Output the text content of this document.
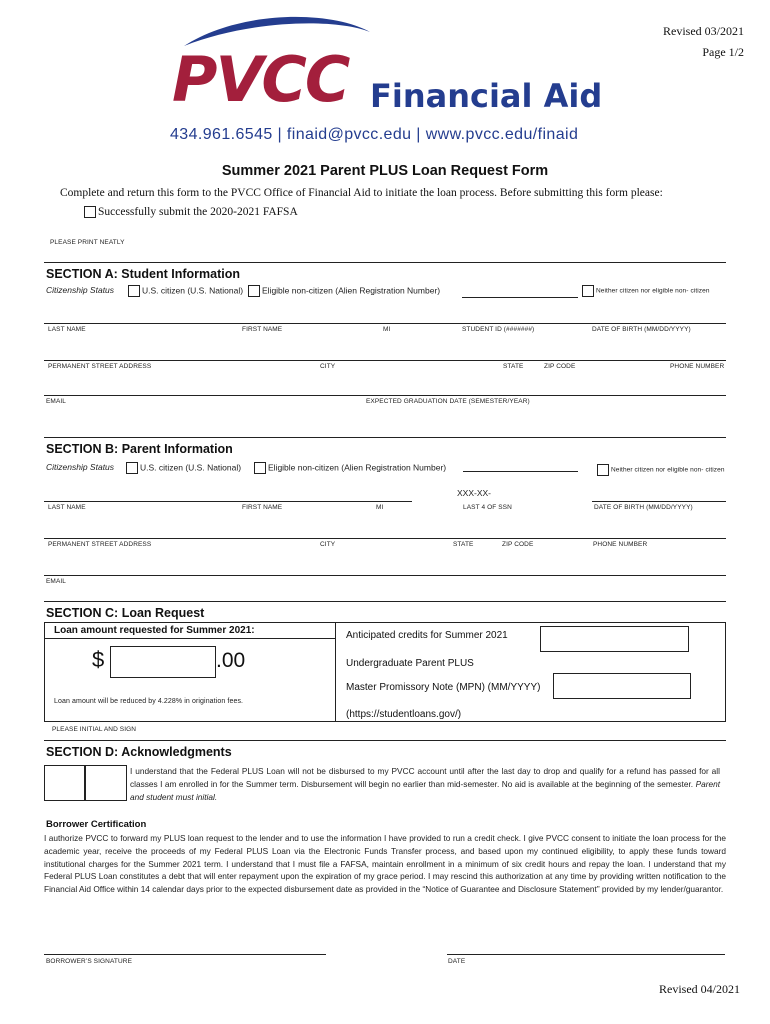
Revised 03/2021
Page 1/2
PVCC Financial Aid
434.961.6545 | finaid@pvcc.edu | www.pvcc.edu/finaid
Summer 2021 Parent PLUS Loan Request Form
Complete and return this form to the PVCC Office of Financial Aid to initiate the loan process. Before submitting this form please:
Successfully submit the 2020-2021 FAFSA
PLEASE PRINT NEATLY
SECTION A: Student Information
Citizenship Status	U.S. citizen (U.S. National)	Eligible non-citizen (Alien Registration Number)	Neither citizen nor eligible non- citizen
LAST NAME	FIRST NAME	MI	STUDENT ID (#######)	DATE OF BIRTH (MM/DD/YYYY)
PERMANENT STREET ADDRESS	CITY	STATE	ZIP CODE	PHONE NUMBER
EMAIL	EXPECTED GRADUATION DATE (SEMESTER/YEAR)
SECTION B: Parent Information
Citizenship Status	U.S. citizen (U.S. National)	Eligible non-citizen (Alien Registration Number)	Neither citizen nor eligible non- citizen
XXX-XX-
LAST NAME	FIRST NAME	MI	LAST 4 OF SSN	DATE OF BIRTH (MM/DD/YYYY)
PERMANENT STREET ADDRESS	CITY	STATE	ZIP CODE	PHONE NUMBER
EMAIL
SECTION C: Loan Request
Loan amount requested for Summer 2021:
$	.00
Loan amount will be reduced by 4.228% in origination fees.
Anticipated credits for Summer 2021
Undergraduate Parent PLUS
Master Promissory Note (MPN) (MM/YYYY)
(https://studentloans.gov/)
PLEASE INITIAL AND SIGN
SECTION D: Acknowledgments
I understand that the Federal PLUS Loan will not be disbursed to my PVCC account until after the last day to drop and qualify for a refund has passed for all classes I am enrolled in for the Summer term. Disbursement will begin no earlier than mid-semester. No aid is available at the beginning of the semester. Parent and student must initial.
Borrower Certification
I authorize PVCC to forward my PLUS loan request to the lender and to use the information I have provided to run a credit check. I give PVCC consent to initiate the loan process for the academic year, receive the proceeds of my Federal PLUS Loan via the Electronic Funds Transfer process, and based upon my continued eligibility, to apply these funds toward institutional charges for the Summer 2021 term. I understand that I must file a FAFSA, maintain enrollment in a minimum of six credit hours and repay the loan. I understand that my Federal PLUS Loan constitutes a debt that will enter repayment upon the expiration of my grace period. I may rescind this authorization at any time by providing written notification to the Financial Aid Office within 14 calendar days prior to the expected disbursement date as provided in the “Notice of Guarantee and Disclosure Statement” provided by my lender/guarantor.
BORROWER’S SIGNATURE	DATE
Revised 04/2021
